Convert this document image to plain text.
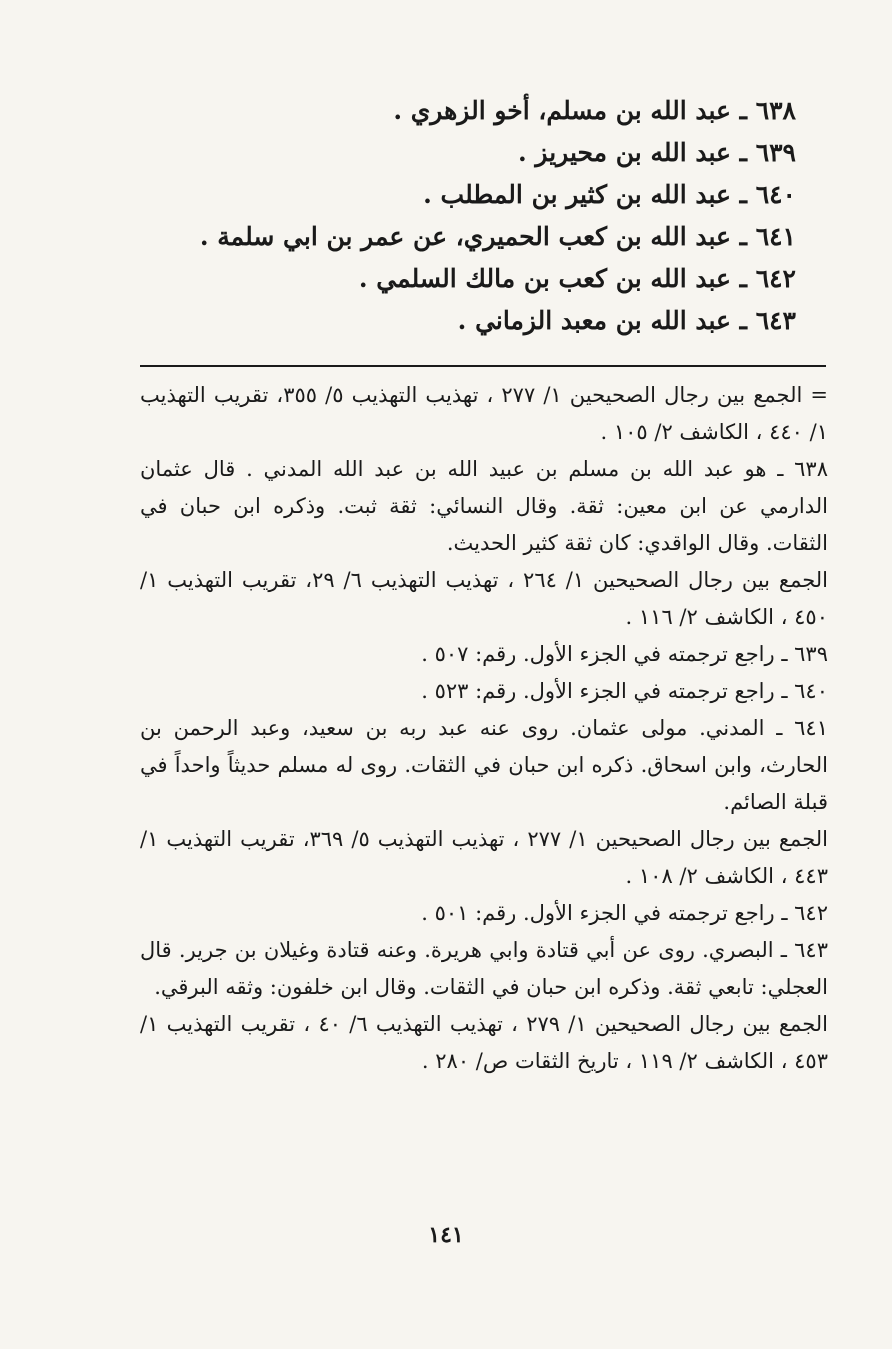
٦٣٨ ـ عبد الله بن مسلم، أخو الزهري .
٦٣٩ ـ عبد الله بن محيريز .
٦٤٠ ـ عبد الله بن كثير بن المطلب .
٦٤١ ـ عبد الله بن كعب الحميري، عن عمر بن ابي سلمة .
٦٤٢ ـ عبد الله بن كعب بن مالك السلمي .
٦٤٣ ـ عبد الله بن معبد الزماني .

= الجمع بين رجال الصحيحين ١/ ٢٧٧ ، تهذيب التهذيب ٥/ ٣٥٥، تقريب التهذيب ١/ ٤٤٠ ، الكاشف ٢/ ١٠٥ .

٦٣٨ ـ هو عبد الله بن مسلم بن عبيد الله بن عبد الله المدني . قال عثمان الدارمي عن ابن معين: ثقة. وقال النسائي: ثقة ثبت. وذكره ابن حبان في الثقات. وقال الواقدي: كان ثقة كثير الحديث.

الجمع بين رجال الصحيحين ١/ ٢٦٤ ، تهذيب التهذيب ٦/ ٢٩، تقريب التهذيب ١/ ٤٥٠ ، الكاشف ٢/ ١١٦ .

٦٣٩ ـ راجع ترجمته في الجزء الأول. رقم: ٥٠٧ .

٦٤٠ ـ راجع ترجمته في الجزء الأول. رقم: ٥٢٣ .

٦٤١ ـ المدني. مولى عثمان. روى عنه عبد ربه بن سعيد، وعبد الرحمن بن الحارث، وابن اسحاق. ذكره ابن حبان في الثقات. روى له مسلم حديثاً واحداً في قبلة الصائم.

الجمع بين رجال الصحيحين ١/ ٢٧٧ ، تهذيب التهذيب ٥/ ٣٦٩، تقريب التهذيب ١/ ٤٤٣ ، الكاشف ٢/ ١٠٨ .

٦٤٢ ـ راجع ترجمته في الجزء الأول. رقم: ٥٠١ .

٦٤٣ ـ البصري. روى عن أبي قتادة وابي هريرة. وعنه قتادة وغيلان بن جرير. قال العجلي: تابعي ثقة. وذكره ابن حبان في الثقات. وقال ابن خلفون: وثقه البرقي.

الجمع بين رجال الصحيحين ١/ ٢٧٩ ، تهذيب التهذيب ٦/ ٤٠ ، تقريب التهذيب ١/ ٤٥٣ ، الكاشف ٢/ ١١٩ ، تاريخ الثقات ص/ ٢٨٠ .

١٤١
